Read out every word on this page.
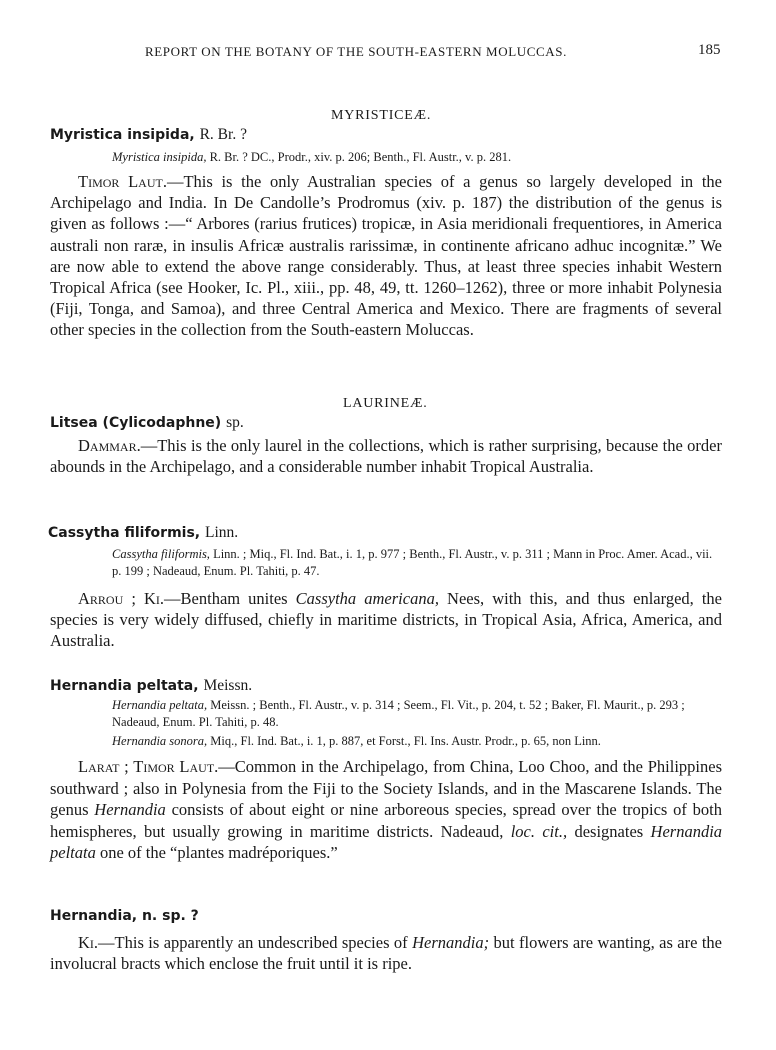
REPORT ON THE BOTANY OF THE SOUTH-EASTERN MOLUCCAS.	185
MYRISTICEÆ.
Myristica insipida, R. Br. ?
Myristica insipida, R. Br. ? DC., Prodr., xiv. p. 206; Benth., Fl. Austr., v. p. 281.
Timor Laut.—This is the only Australian species of a genus so largely developed in the Archipelago and India. In De Candolle’s Prodromus (xiv. p. 187) the distribution of the genus is given as follows :—“ Arbores (rarius frutices) tropicæ, in Asia meridionali frequentiores, in America australi non raræ, in insulis Africæ australis rarissimæ, in continente africano adhuc incognitæ.” We are now able to extend the above range considerably. Thus, at least three species inhabit Western Tropical Africa (see Hooker, Ic. Pl., xiii., pp. 48, 49, tt. 1260–1262), three or more inhabit Polynesia (Fiji, Tonga, and Samoa), and three Central America and Mexico. There are fragments of several other species in the collection from the South-eastern Moluccas.
LAURINEÆ.
Litsea (Cylicodaphne) sp.
Dammar.—This is the only laurel in the collections, which is rather surprising, because the order abounds in the Archipelago, and a considerable number inhabit Tropical Australia.
Cassytha filiformis, Linn.
Cassytha filiformis, Linn. ; Miq., Fl. Ind. Bat., i. 1, p. 977 ; Benth., Fl. Austr., v. p. 311 ; Mann in Proc. Amer. Acad., vii. p. 199 ; Nadeaud, Enum. Pl. Tahiti, p. 47.
Arrou ; Ki.—Bentham unites Cassytha americana, Nees, with this, and thus enlarged, the species is very widely diffused, chiefly in maritime districts, in Tropical Asia, Africa, America, and Australia.
Hernandia peltata, Meissn.
Hernandia peltata, Meissn. ; Benth., Fl. Austr., v. p. 314 ; Seem., Fl. Vit., p. 204, t. 52 ; Baker, Fl. Maurit., p. 293 ; Nadeaud, Enum. Pl. Tahiti, p. 48.
Hernandia sonora, Miq., Fl. Ind. Bat., i. 1, p. 887, et Forst., Fl. Ins. Austr. Prodr., p. 65, non Linn.
Larat ; Timor Laut.—Common in the Archipelago, from China, Loo Choo, and the Philippines southward ; also in Polynesia from the Fiji to the Society Islands, and in the Mascarene Islands. The genus Hernandia consists of about eight or nine arboreous species, spread over the tropics of both hemispheres, but usually growing in maritime districts. Nadeaud, loc. cit., designates Hernandia peltata one of the “plantes madréporiques.”
Hernandia, n. sp. ?
Ki.—This is apparently an undescribed species of Hernandia; but flowers are wanting, as are the involucral bracts which enclose the fruit until it is ripe.
